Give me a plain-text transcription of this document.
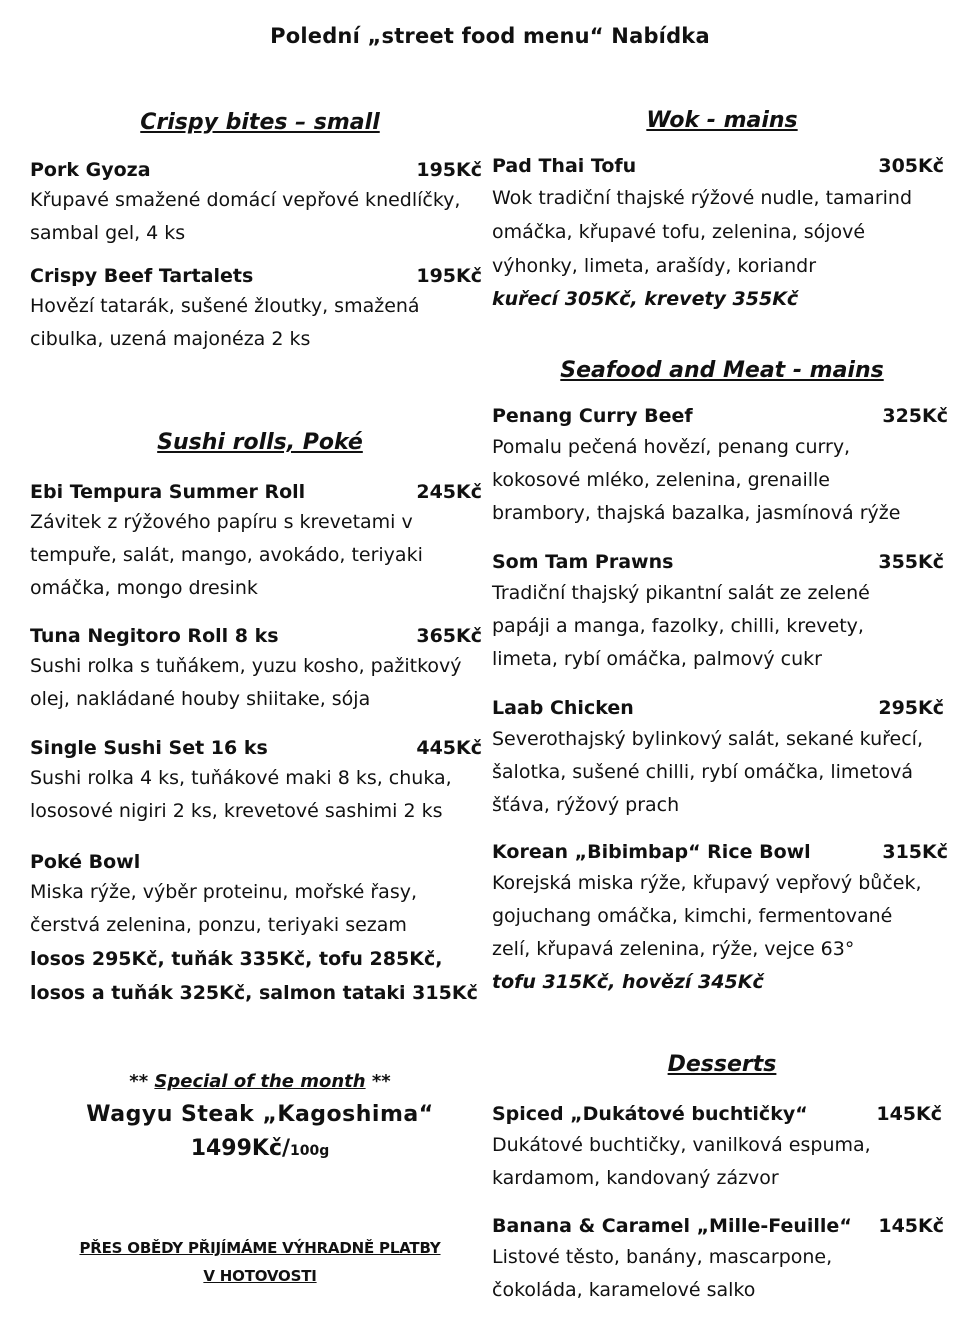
Polední „street food menu“ Nabídka
Crispy bites – small
Pork Gyoza	195Kč
Křupavé smažené domácí vepřové knedlíčky,
sambal gel, 4 ks
Crispy Beef Tartalets	195Kč
Hovězí tatarák, sušené žloutky, smažená
cibulka, uzená majonéza 2 ks
Sushi rolls, Poké
Ebi Tempura Summer Roll	245Kč
Závitek z rýžového papíru s krevetami v
tempuře, salát, mango, avokádo, teriyaki
omáčka, mongo dresink
Tuna Negitoro Roll 8 ks	365Kč
Sushi rolka s tuňákem, yuzu kosho, pažitkový
olej, nakládané houby shiitake, sója
Single Sushi Set 16 ks	445Kč
Sushi rolka 4 ks, tuňákové maki 8 ks, chuka,
lososové nigiri 2 ks, krevetové sashimi 2 ks
Poké Bowl
Miska rýže, výběr proteinu, mořské řasy,
čerstvá zelenina, ponzu, teriyaki sezam
losos 295Kč, tuňák 335Kč, tofu 285Kč,
losos a tuňák 325Kč, salmon tataki 315Kč
** Special of the month **
Wagyu Steak „Kagoshima“
1499Kč/100g
PŘES OBĚDY PŘIJÍMÁME VÝHRADNĚ PLATBY
V HOTOVOSTI
Wok - mains
Pad Thai Tofu	305Kč
Wok tradiční thajské rýžové nudle, tamarind
omáčka, křupavé tofu, zelenina, sójové
výhonky, limeta, arašídy, koriandr
kuřecí 305Kč, krevety 355Kč
Seafood and Meat - mains
Penang Curry Beef	325Kč
Pomalu pečená hovězí, penang curry,
kokosové mléko, zelenina, grenaille
brambory, thajská bazalka, jasmínová rýže
Som Tam Prawns	355Kč
Tradiční thajský pikantní salát ze zelené
papáji a manga, fazolky, chilli, krevety,
limeta, rybí omáčka, palmový cukr
Laab Chicken	295Kč
Severothajský bylinkový salát, sekané kuřecí,
šalotka, sušené chilli, rybí omáčka, limetová
šťáva, rýžový prach
Korean „Bibimbap“ Rice Bowl	315Kč
Korejská miska rýže, křupavý vepřový bůček,
gojuchang omáčka, kimchi, fermentované
zelí, křupavá zelenina, rýže, vejce 63°
tofu 315Kč, hovězí 345Kč
Desserts
Spiced „Dukátové buchtičky“	145Kč
Dukátové buchtičky, vanilková espuma,
kardamom, kandovaný zázvor
Banana & Caramel „Mille-Feuille“ 145Kč
Listové těsto, banány, mascarpone,
čokoláda, karamelové salko
